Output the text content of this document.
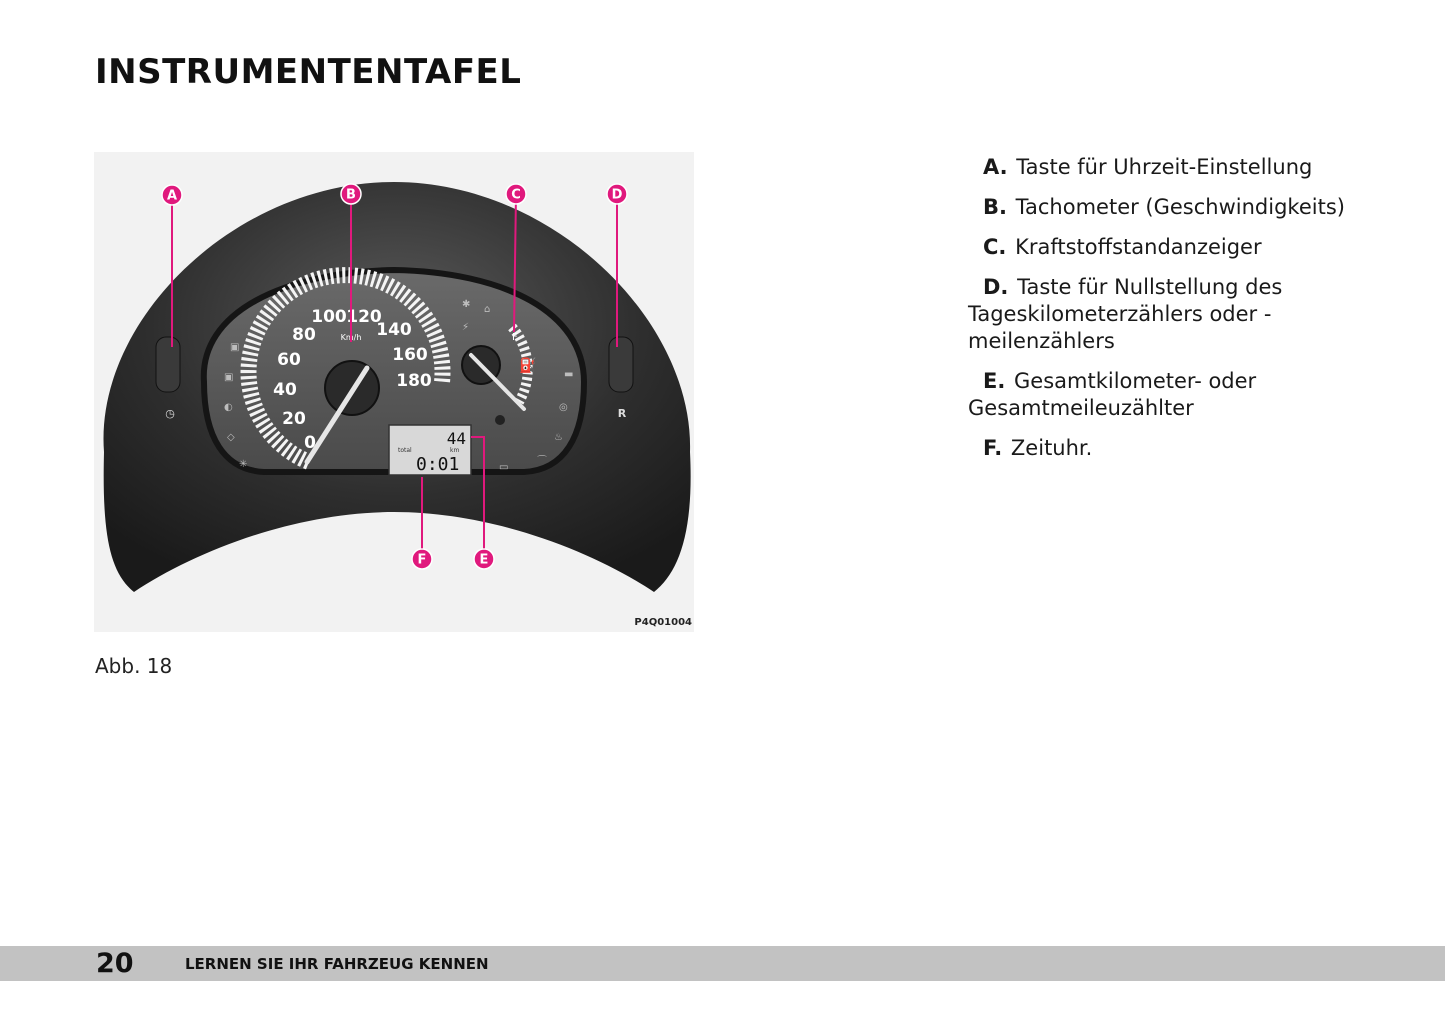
INSTRUMENTENTAFEL
◷	R
0
20
40
60
80
100 120
140
160
180
Km/h	F
⛽
▣
▣
◐
◇
✳
✱ ⌂
⚡
▬
◎
♨
⌒
▭
44
total	km
0:01
A	B	C	D
E
F
P4Q01004
Abb. 18
A. Taste für Uhrzeit-Einstellung
B. Tachometer (Geschwindigkeits)
C. Kraftstoffstandanzeiger
D. Taste für Nullstellung des Tageskilometerzählers oder -meilenzählers
E. Gesamtkilometer- oder Gesamtmeileuzählter
F. Zeituhr.
20	LERNEN SIE IHR FAHRZEUG KENNEN
